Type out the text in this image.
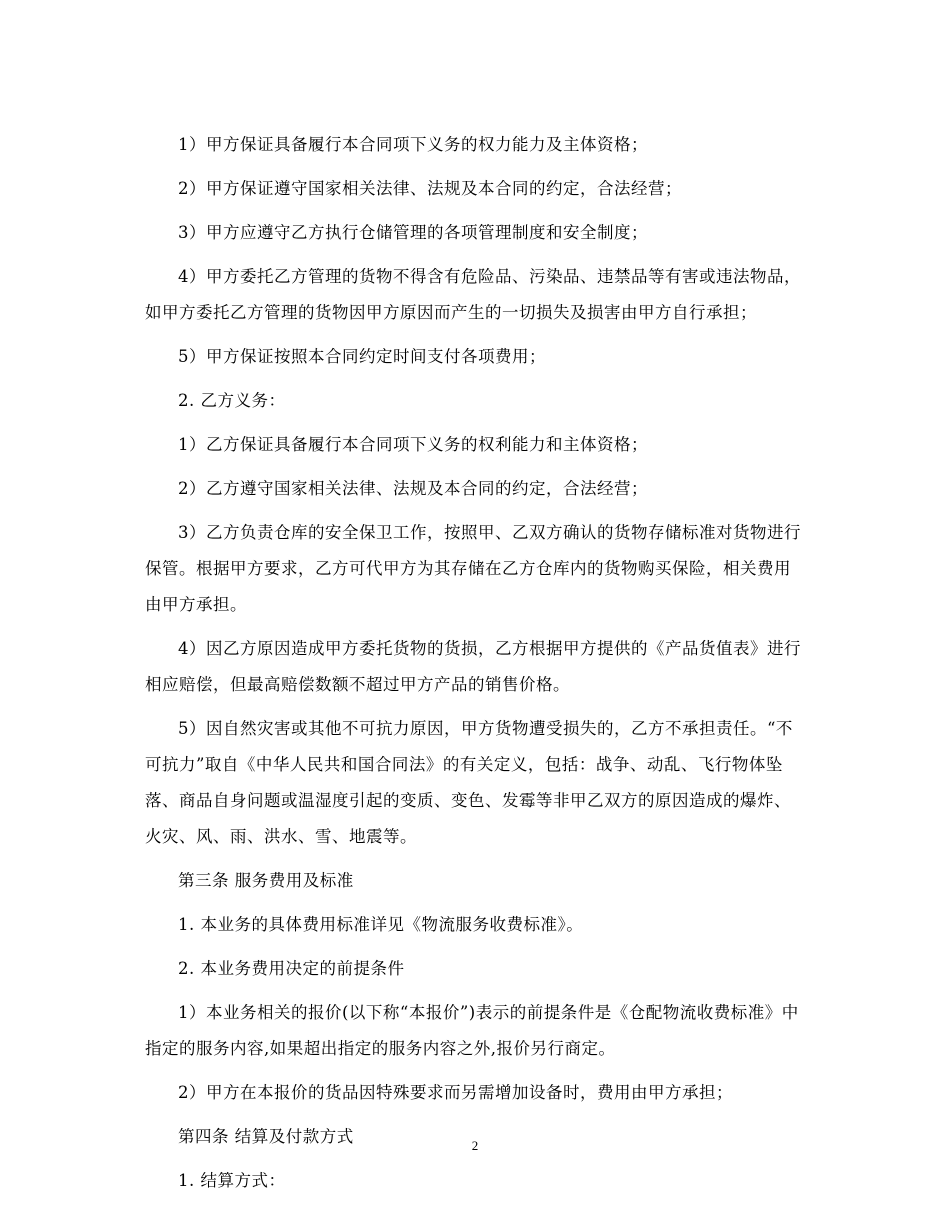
1）甲方保证具备履行本合同项下义务的权力能力及主体资格；

2）甲方保证遵守国家相关法律、法规及本合同的约定，合法经营；

3）甲方应遵守乙方执行仓储管理的各项管理制度和安全制度；

4）甲方委托乙方管理的货物不得含有危险品、污染品、违禁品等有害或违法物品，如甲方委托乙方管理的货物因甲方原因而产生的一切损失及损害由甲方自行承担；

5）甲方保证按照本合同约定时间支付各项费用；

2. 乙方义务：

1）乙方保证具备履行本合同项下义务的权利能力和主体资格；

2）乙方遵守国家相关法律、法规及本合同的约定，合法经营；

3）乙方负责仓库的安全保卫工作，按照甲、乙双方确认的货物存储标准对货物进行保管。根据甲方要求，乙方可代甲方为其存储在乙方仓库内的货物购买保险，相关费用由甲方承担。

4）因乙方原因造成甲方委托货物的货损，乙方根据甲方提供的《产品货值表》进行相应赔偿，但最高赔偿数额不超过甲方产品的销售价格。

5）因自然灾害或其他不可抗力原因，甲方货物遭受损失的，乙方不承担责任。“不可抗力”取自《中华人民共和国合同法》的有关定义，包括：战争、动乱、飞行物体坠落、商品自身问题或温湿度引起的变质、变色、发霉等非甲乙双方的原因造成的爆炸、火灾、风、雨、洪水、雪、地震等。

第三条 服务费用及标准

1. 本业务的具体费用标准详见《物流服务收费标准》。

2. 本业务费用决定的前提条件

1）本业务相关的报价(以下称“本报价”)表示的前提条件是《仓配物流收费标准》中指定的服务内容,如果超出指定的服务内容之外,报价另行商定。

2）甲方在本报价的货品因特殊要求而另需增加设备时，费用由甲方承担；

第四条 结算及付款方式

1. 结算方式：

2
